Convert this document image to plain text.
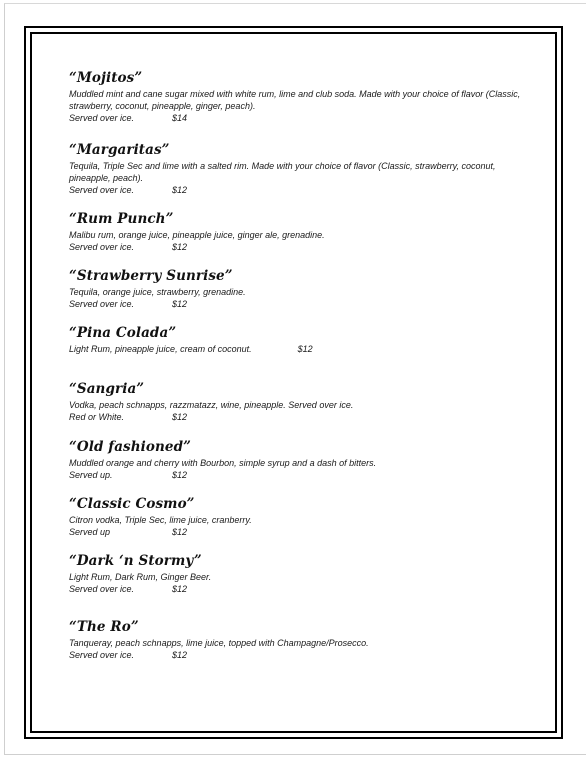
“Mojitos”

Muddled mint and cane sugar mixed with white rum, lime and club soda. Made with your choice of flavor (Classic, strawberry, coconut, pineapple, ginger, peach).

Served over ice.	$14
“Margaritas”

Tequila, Triple Sec and lime with a salted rim. Made with your choice of flavor (Classic, strawberry, coconut, pineapple, peach).

Served over ice.	$12
“Rum Punch”

Malibu rum, orange juice, pineapple juice, ginger ale, grenadine.

Served over ice.	$12
“Strawberry Sunrise”

Tequila, orange juice, strawberry, grenadine.

Served over ice.	$12
“Pina Colada”
Light Rum, pineapple juice, cream of coconut.	$12
“Sangria”

Vodka, peach schnapps, razzmatazz, wine, pineapple. Served over ice.

Red or White.	$12
“Old fashioned”

Muddled orange and cherry with Bourbon, simple syrup and a dash of bitters.

Served up.	$12
“Classic Cosmo”

Citron vodka, Triple Sec, lime juice, cranberry.

Served up	$12
“Dark ‘n Stormy”

Light Rum, Dark Rum, Ginger Beer.

Served over ice.	$12
“The Ro”

Tanqueray, peach schnapps, lime juice, topped with Champagne/Prosecco.

Served over ice.	$12
